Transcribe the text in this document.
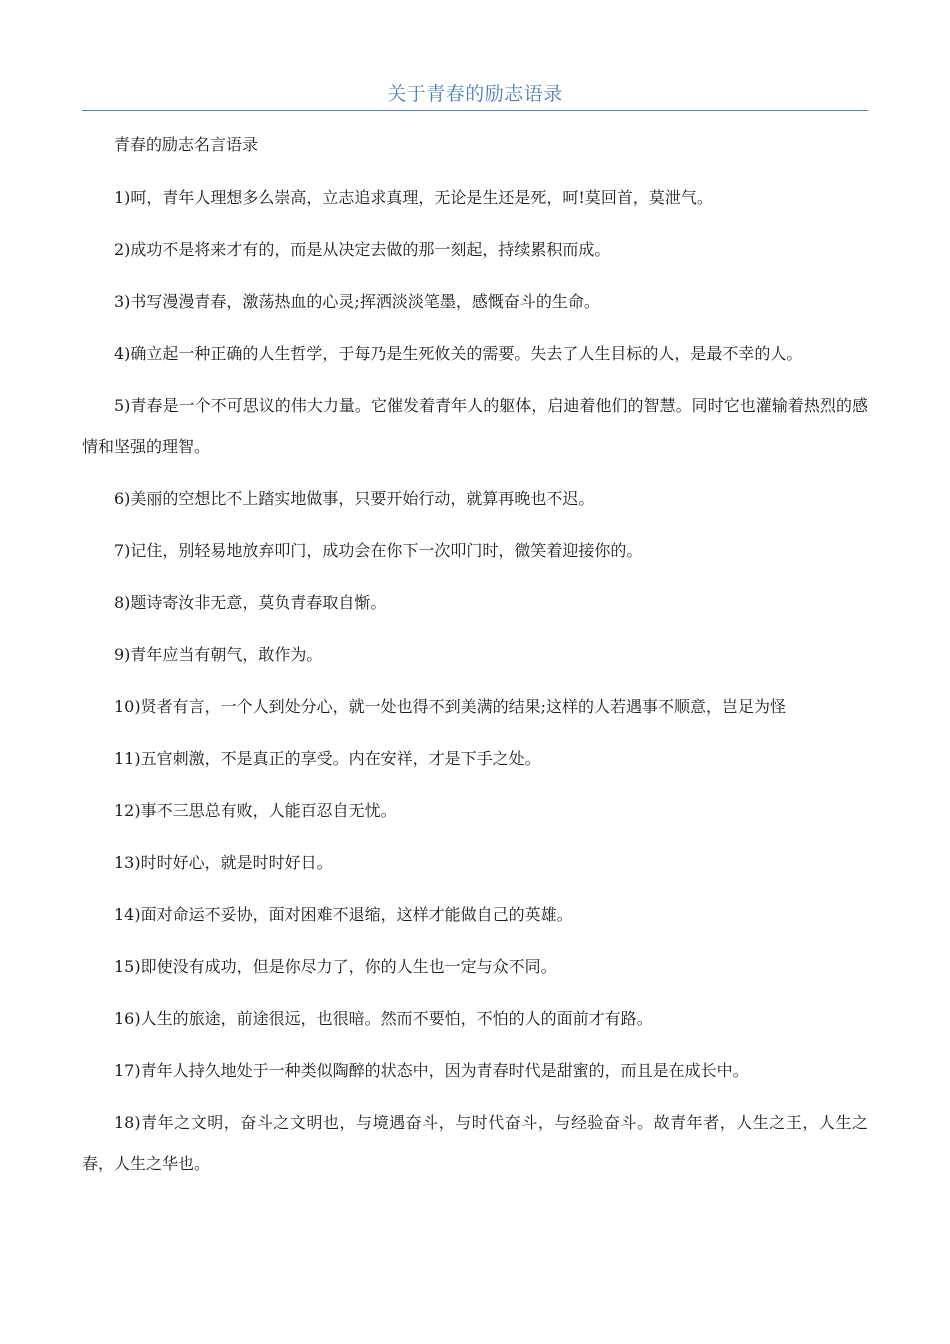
关于青春的励志语录

青春的励志名言语录

1)呵，青年人理想多么崇高，立志追求真理，无论是生还是死，呵!莫回首，莫泄气。

2)成功不是将来才有的，而是从决定去做的那一刻起，持续累积而成。

3)书写漫漫青春，激荡热血的心灵;挥洒淡淡笔墨，感慨奋斗的生命。

4)确立起一种正确的人生哲学，于每乃是生死攸关的需要。失去了人生目标的人，是最不幸的人。

5)青春是一个不可思议的伟大力量。它催发着青年人的躯体，启迪着他们的智慧。同时它也灌输着热烈的感情和坚强的理智。

6)美丽的空想比不上踏实地做事，只要开始行动，就算再晚也不迟。

7)记住，别轻易地放弃叩门，成功会在你下一次叩门时，微笑着迎接你的。

8)题诗寄汝非无意，莫负青春取自惭。

9)青年应当有朝气，敢作为。

10)贤者有言，一个人到处分心，就一处也得不到美满的结果;这样的人若遇事不顺意，岂足为怪

11)五官刺激，不是真正的享受。内在安祥，才是下手之处。

12)事不三思总有败，人能百忍自无忧。

13)时时好心，就是时时好日。

14)面对命运不妥协，面对困难不退缩，这样才能做自己的英雄。

15)即使没有成功，但是你尽力了，你的人生也一定与众不同。

16)人生的旅途，前途很远，也很暗。然而不要怕，不怕的人的面前才有路。

17)青年人持久地处于一种类似陶醉的状态中，因为青春时代是甜蜜的，而且是在成长中。

18)青年之文明，奋斗之文明也，与境遇奋斗，与时代奋斗，与经验奋斗。故青年者，人生之王，人生之春，人生之华也。
